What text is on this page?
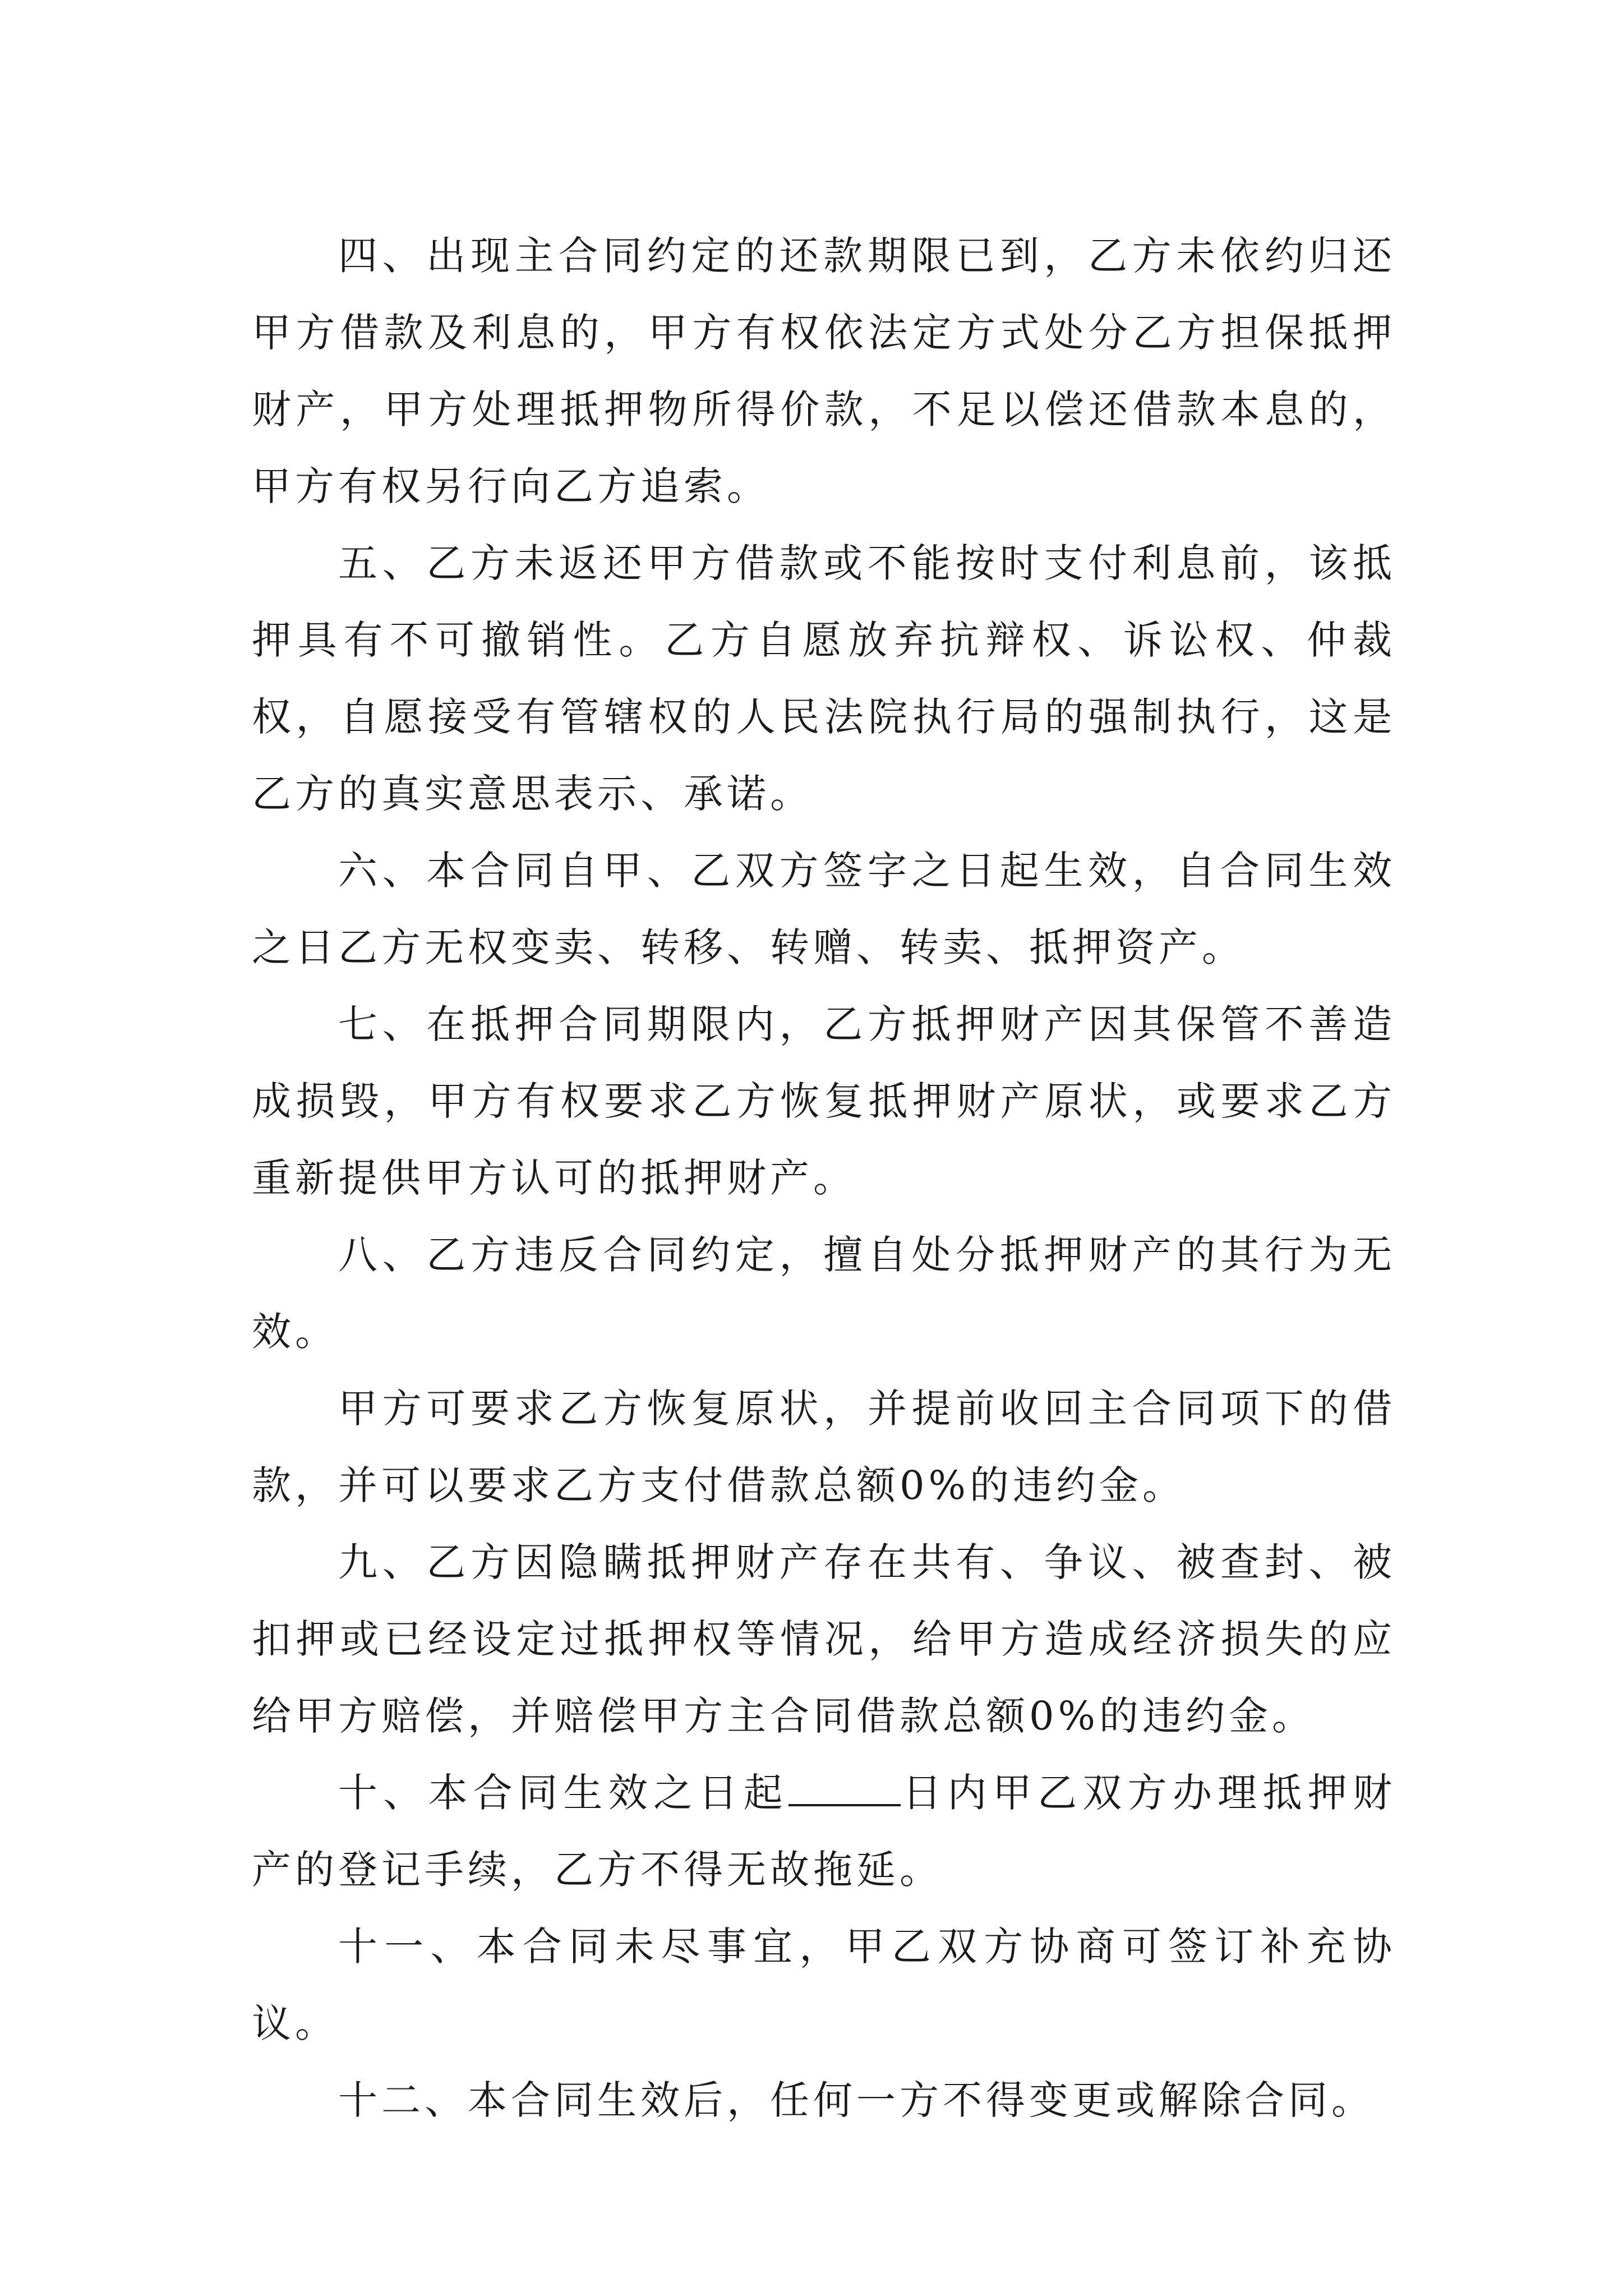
四、出现主合同约定的还款期限已到，乙方未依约归还甲方借款及利息的，甲方有权依法定方式处分乙方担保抵押财产，甲方处理抵押物所得价款，不足以偿还借款本息的，甲方有权另行向乙方追索。

五、乙方未返还甲方借款或不能按时支付利息前，该抵押具有不可撤销性。乙方自愿放弃抗辩权、诉讼权、仲裁权，自愿接受有管辖权的人民法院执行局的强制执行，这是乙方的真实意思表示、承诺。

六、本合同自甲、乙双方签字之日起生效，自合同生效之日乙方无权变卖、转移、转赠、转卖、抵押资产。

七、在抵押合同期限内，乙方抵押财产因其保管不善造成损毁，甲方有权要求乙方恢复抵押财产原状，或要求乙方重新提供甲方认可的抵押财产。

八、乙方违反合同约定，擅自处分抵押财产的其行为无效。

甲方可要求乙方恢复原状，并提前收回主合同项下的借款，并可以要求乙方支付借款总额0%的违约金。

九、乙方因隐瞒抵押财产存在共有、争议、被查封、被扣押或已经设定过抵押权等情况，给甲方造成经济损失的应给甲方赔偿，并赔偿甲方主合同借款总额0%的违约金。

十、本合同生效之日起	日内甲乙双方办理抵押财产的登记手续，乙方不得无故拖延。

十一、本合同未尽事宜，甲乙双方协商可签订补充协议。

十二、本合同生效后，任何一方不得变更或解除合同。
